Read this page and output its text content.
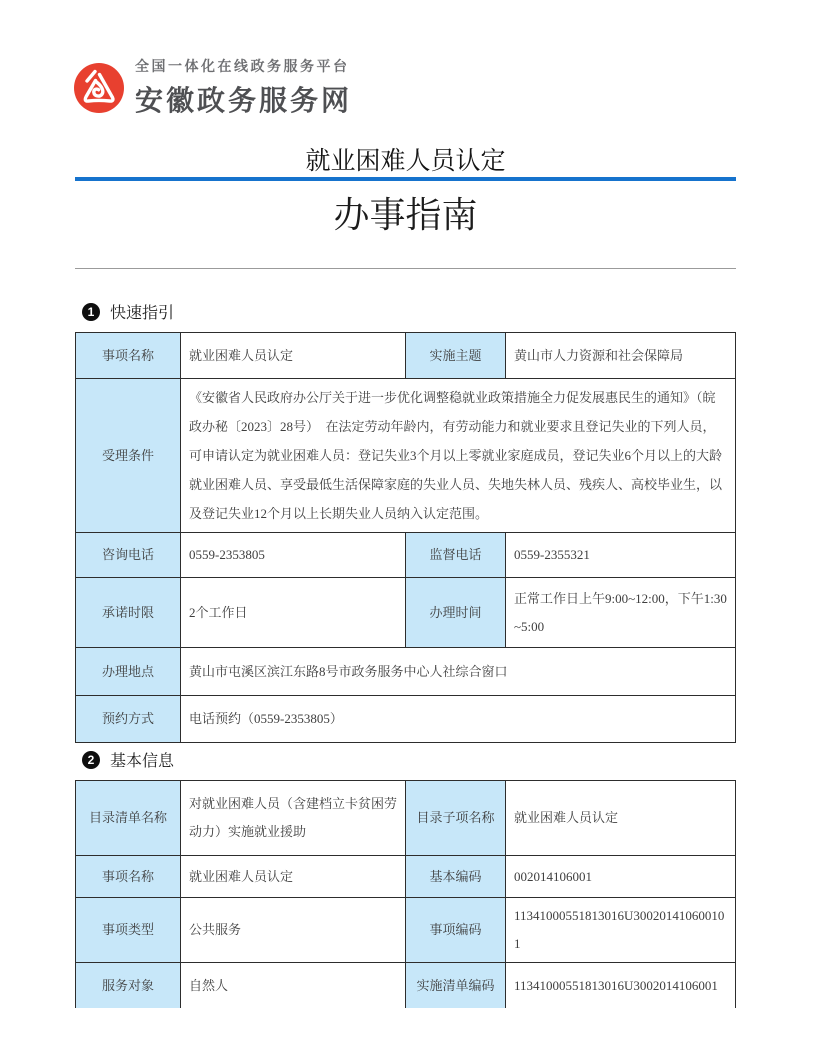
全国一体化在线政务服务平台
安徽政务服务网
就业困难人员认定
办事指南
1 快速指引
事项名称	就业困难人员认定	实施主题	黄山市人力资源和社会保障局
受理条件	《安徽省人民政府办公厅关于进一步优化调整稳就业政策措施全力促发展惠民生的通知》（皖政办秘〔2023〕28号）　在法定劳动年龄内，有劳动能力和就业要求且登记失业的下列人员，可申请认定为就业困难人员：登记失业3个月以上零就业家庭成员，登记失业6个月以上的大龄就业困难人员、享受最低生活保障家庭的失业人员、失地失林人员、残疾人、高校毕业生，以及登记失业12个月以上长期失业人员纳入认定范围。		
咨询电话	0559-2353805	监督电话	0559-2355321
承诺时限	2个工作日	办理时间	正常工作日上午9:00~12:00，下午1:30~5:00
办理地点	黄山市屯溪区滨江东路8号市政务服务中心人社综合窗口		
预约方式	电话预约（0559-2353805）		
2 基本信息
目录清单名称	对就业困难人员（含建档立卡贫困劳动力）实施就业援助	目录子项名称	就业困难人员认定
事项名称	就业困难人员认定	基本编码	002014106001
事项类型	公共服务	事项编码	11341000551813016U300201410600101
服务对象	自然人	实施清单编码	11341000551813016U3002014106001
